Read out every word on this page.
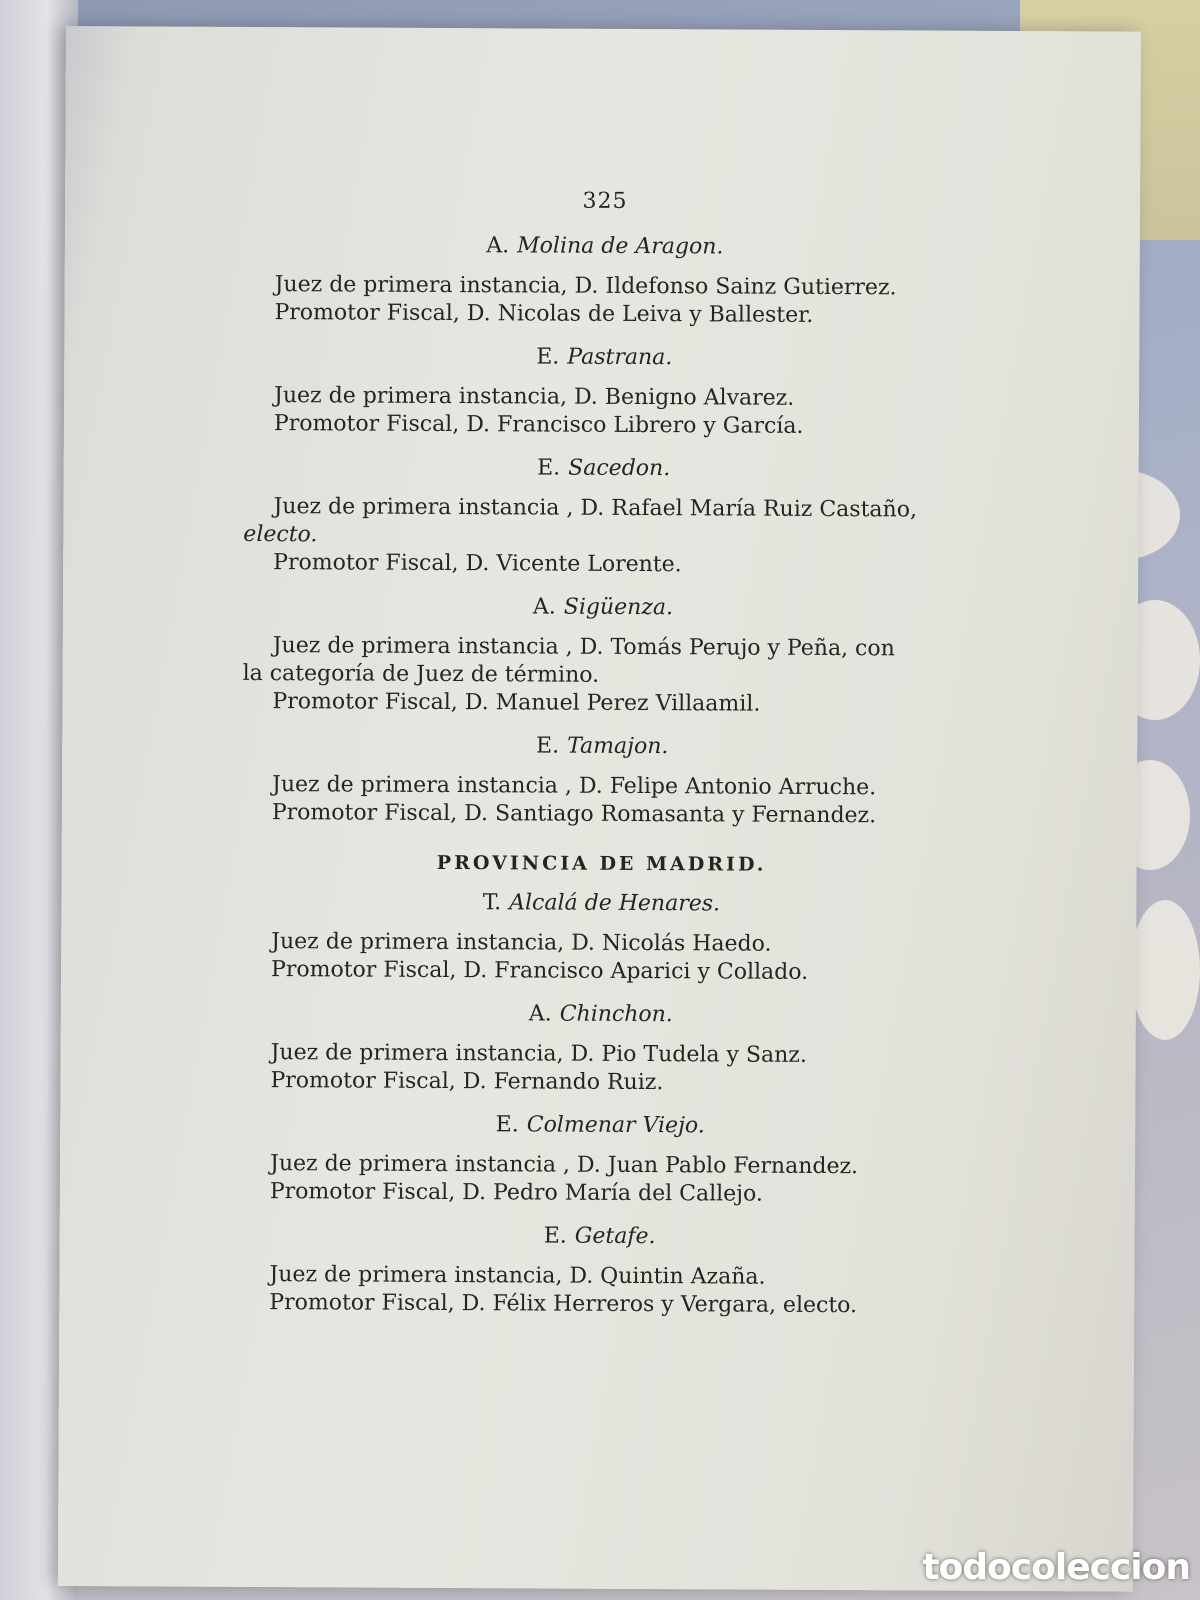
325

A. Molina de Aragon.

Juez de primera instancia, D. Ildefonso Sainz Gutierrez.

Promotor Fiscal, D. Nicolas de Leiva y Ballester.

E. Pastrana.

Juez de primera instancia, D. Benigno Alvarez.

Promotor Fiscal, D. Francisco Librero y García.

E. Sacedon.

Juez de primera instancia , D. Rafael María Ruiz Castaño,

electo.

Promotor Fiscal, D. Vicente Lorente.

A. Sigüenza.

Juez de primera instancia , D. Tomás Perujo y Peña, con

la categoría de Juez de término.

Promotor Fiscal, D. Manuel Perez Villaamil.

E. Tamajon.

Juez de primera instancia , D. Felipe Antonio Arruche.

Promotor Fiscal, D. Santiago Romasanta y Fernandez.

PROVINCIA DE MADRID.

T. Alcalá de Henares.

Juez de primera instancia, D. Nicolás Haedo.

Promotor Fiscal, D. Francisco Aparici y Collado.

A. Chinchon.

Juez de primera instancia, D. Pio Tudela y Sanz.

Promotor Fiscal, D. Fernando Ruiz.

E. Colmenar Viejo.

Juez de primera instancia , D. Juan Pablo Fernandez.

Promotor Fiscal, D. Pedro María del Callejo.

E. Getafe.

Juez de primera instancia, D. Quintin Azaña.

Promotor Fiscal, D. Félix Herreros y Vergara, electo.

todocoleccion
